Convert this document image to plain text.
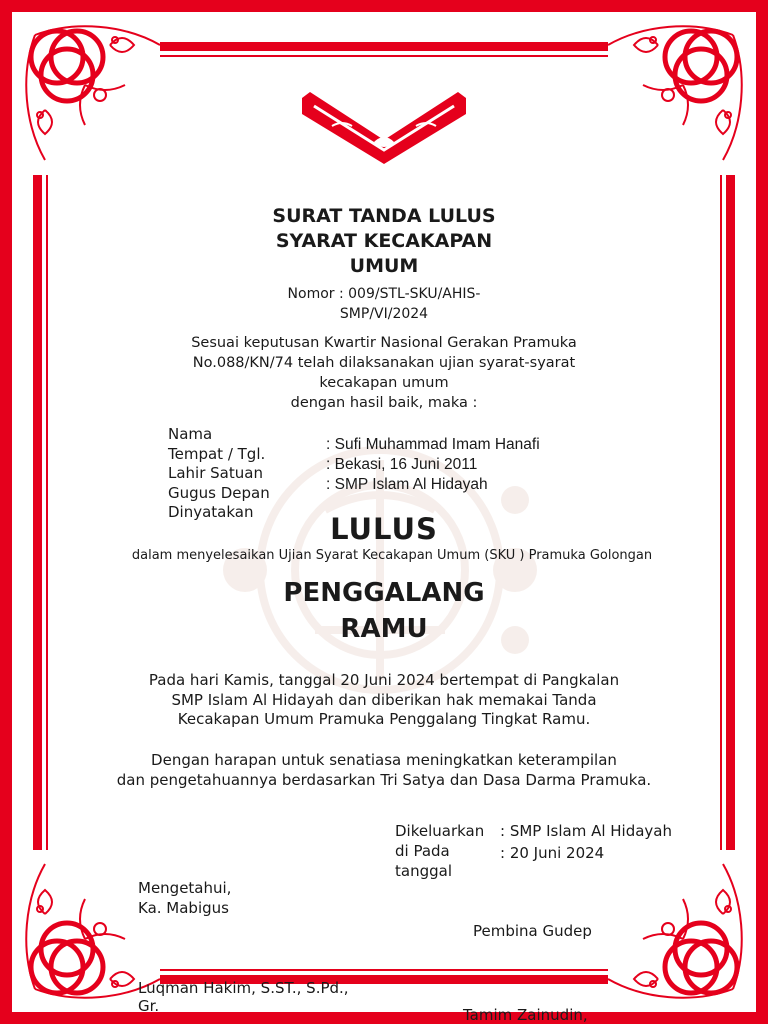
SURAT TANDA LULUS
SYARAT KECAKAPAN
UMUM
Nomor : 009/STL-SKU/AHIS-
SMP/VI/2024
Sesuai keputusan Kwartir Nasional Gerakan Pramuka
No.088/KN/74 telah dilaksanakan ujian syarat-syarat
kecakapan umum
dengan hasil baik, maka :
Nama
Tempat / Tgl.
Lahir Satuan
Gugus Depan
Dinyatakan
: Sufi Muhammad Imam Hanafi
: Bekasi, 16 Juni 2011
: SMP Islam Al Hidayah
LULUS
dalam menyelesaikan Ujian Syarat Kecakapan Umum (SKU ) Pramuka Golongan
PENGGALANG
RAMU
Pada hari Kamis, tanggal 20 Juni 2024 bertempat di Pangkalan
SMP Islam Al Hidayah dan diberikan hak memakai Tanda
Kecakapan Umum Pramuka Penggalang Tingkat Ramu.
Dengan harapan untuk senatiasa meningkatkan keterampilan
dan pengetahuannya berdasarkan Tri Satya dan Dasa Darma Pramuka.
Dikeluarkan
di Pada
tanggal
: SMP Islam Al Hidayah
: 20 Juni 2024
Mengetahui,
Ka. Mabigus
Luqman Hakim, S.ST., S.Pd.,
Gr.
Pembina Gudep
Tamim Zainudin,
